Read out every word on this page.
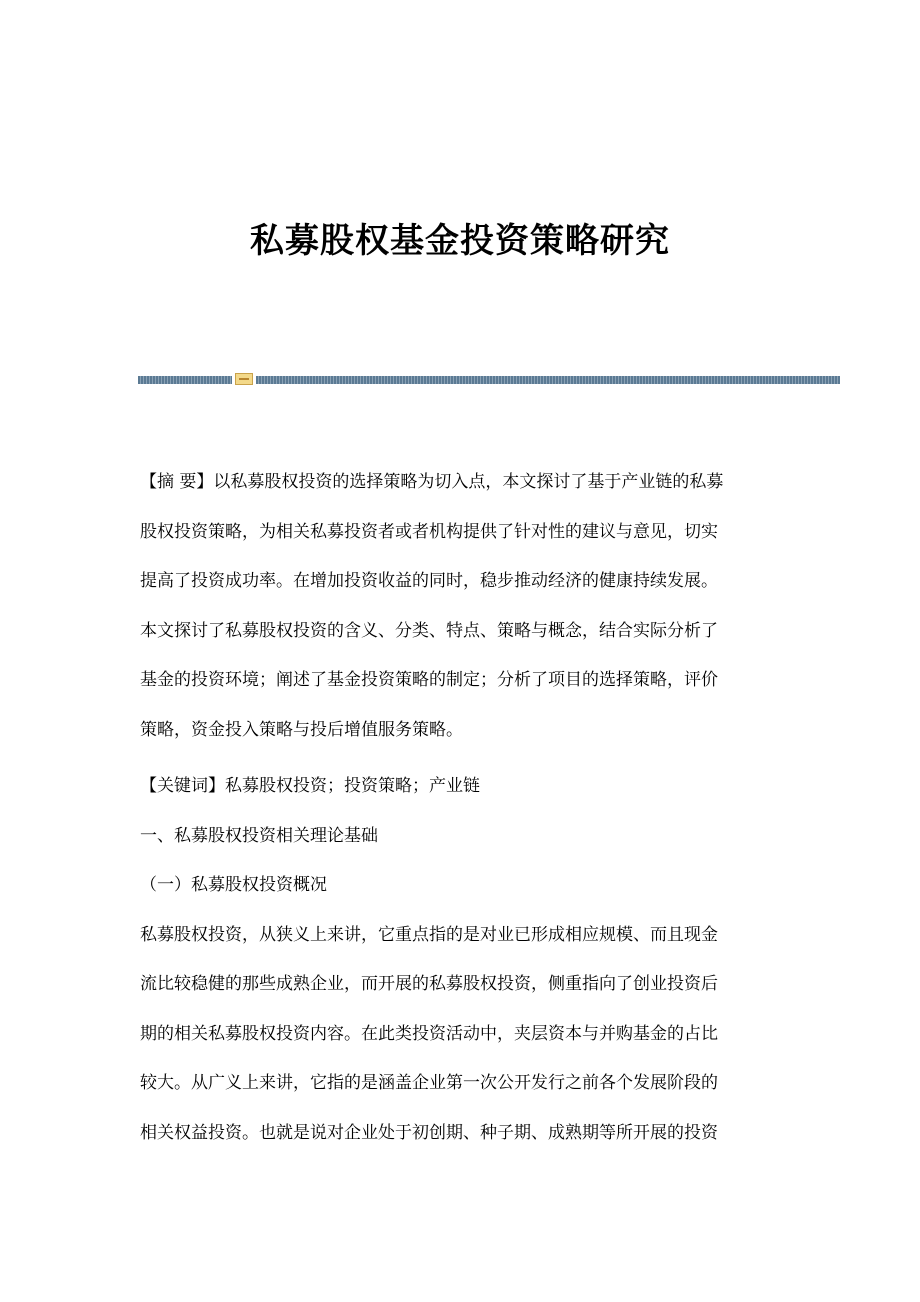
私募股权基金投资策略研究

【摘 要】以私募股权投资的选择策略为切入点，本文探讨了基于产业链的私募

股权投资策略，为相关私募投资者或者机构提供了针对性的建议与意见，切实

提高了投资成功率。在增加投资收益的同时，稳步推动经济的健康持续发展。

本文探讨了私募股权投资的含义、分类、特点、策略与概念，结合实际分析了

基金的投资环境；阐述了基金投资策略的制定；分析了项目的选择策略，评价

策略，资金投入策略与投后增值服务策略。

【关键词】私募股权投资；投资策略；产业链

一、私募股权投资相关理论基础

（一）私募股权投资概况

私募股权投资，从狭义上来讲，它重点指的是对业已形成相应规模、而且现金

流比较稳健的那些成熟企业，而开展的私募股权投资，侧重指向了创业投资后

期的相关私募股权投资内容。在此类投资活动中，夹层资本与并购基金的占比

较大。从广义上来讲，它指的是涵盖企业第一次公开发行之前各个发展阶段的

相关权益投资。也就是说对企业处于初创期、种子期、成熟期等所开展的投资
